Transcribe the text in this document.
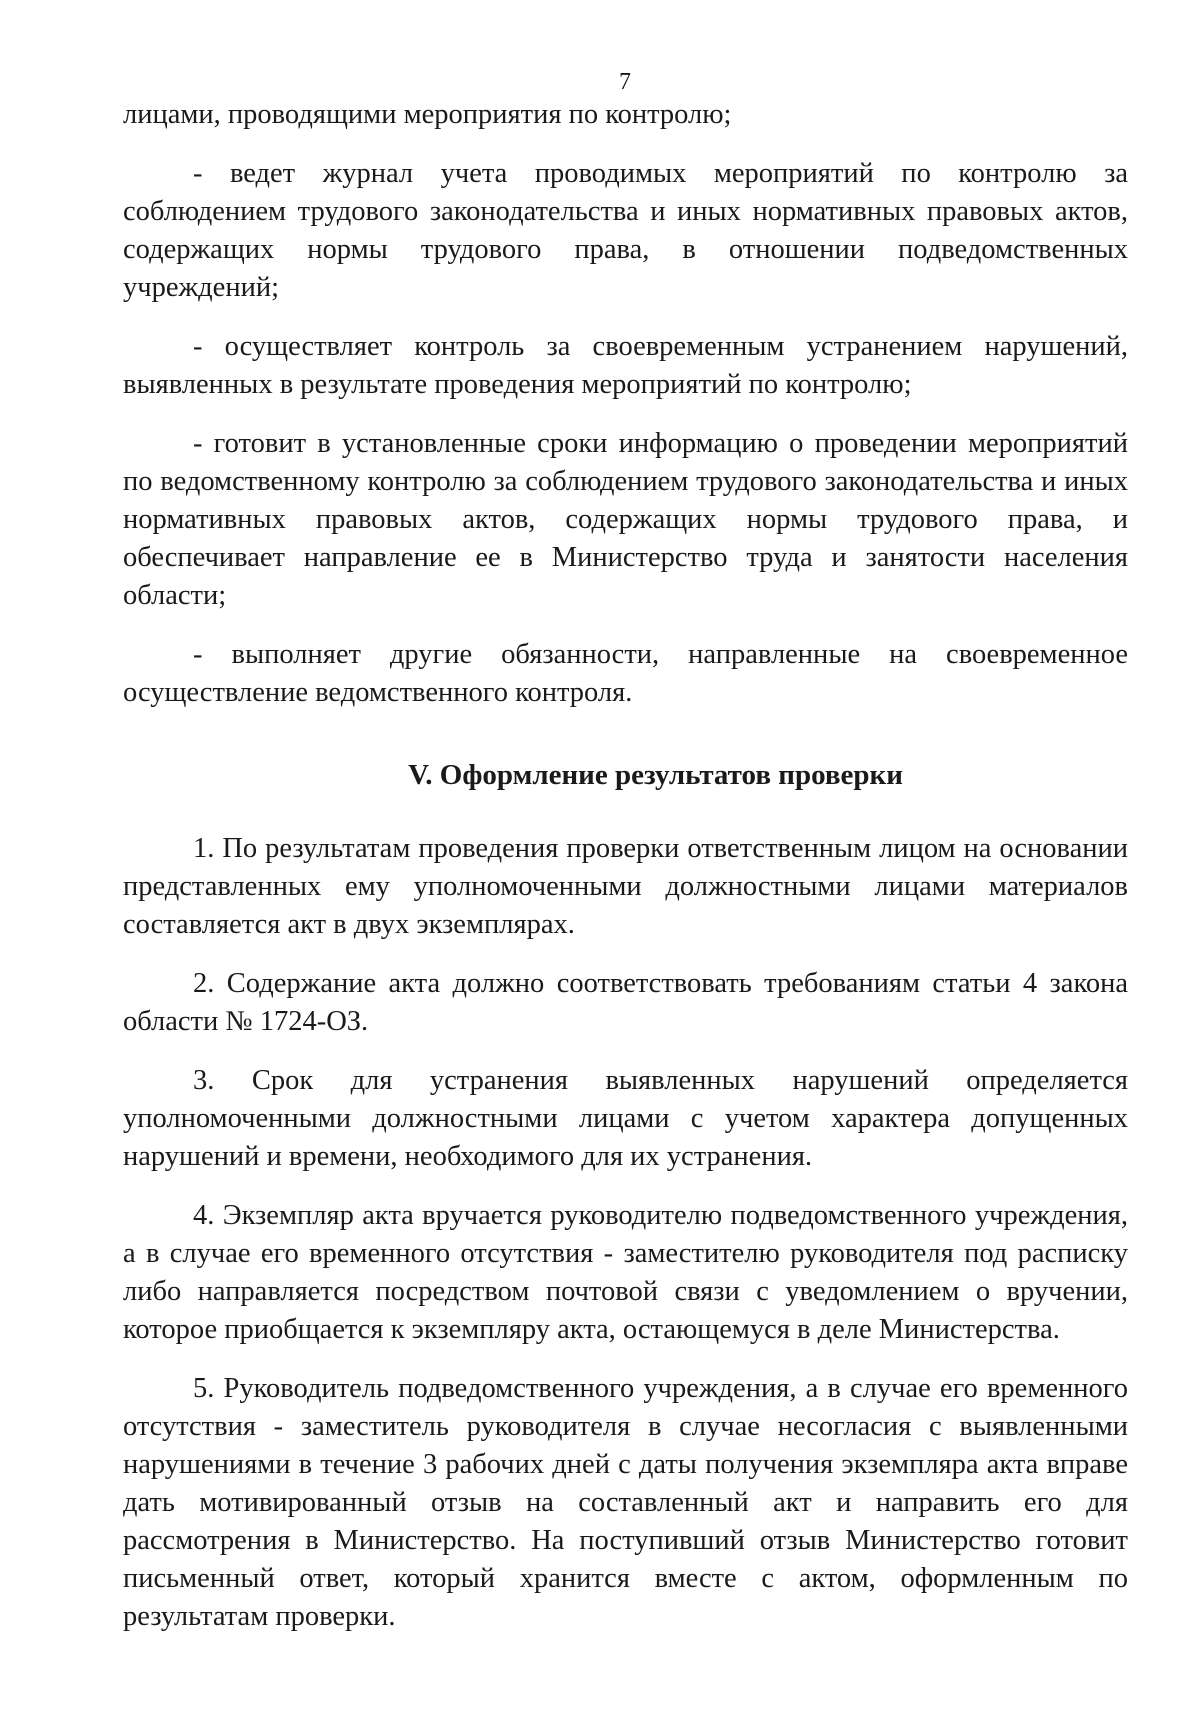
7

лицами, проводящими мероприятия по контролю;

- ведет журнал учета проводимых мероприятий по контролю за соблюдением трудового законодательства и иных нормативных правовых актов, содержащих нормы трудового права, в отношении подведомственных учреждений;

- осуществляет контроль за своевременным устранением нарушений, выявленных в результате проведения мероприятий по контролю;

- готовит в установленные сроки информацию о проведении мероприятий по ведомственному контролю за соблюдением трудового законодательства и иных нормативных правовых актов, содержащих нормы трудового права, и обеспечивает направление ее в Министерство труда и занятости населения области;

- выполняет другие обязанности, направленные на своевременное осуществление ведомственного контроля.

V. Оформление результатов проверки

1. По результатам проведения проверки ответственным лицом на основании представленных ему уполномоченными должностными лицами материалов составляется акт в двух экземплярах.

2. Содержание акта должно соответствовать требованиям статьи 4 закона области № 1724-ОЗ.

3. Срок для устранения выявленных нарушений определяется уполномоченными должностными лицами с учетом характера допущенных нарушений и времени, необходимого для их устранения.

4. Экземпляр акта вручается руководителю подведомственного учреждения, а в случае его временного отсутствия - заместителю руководителя под расписку либо направляется посредством почтовой связи с уведомлением о вручении, которое приобщается к экземпляру акта, остающемуся в деле Министерства.

5. Руководитель подведомственного учреждения, а в случае его временного отсутствия - заместитель руководителя в случае несогласия с выявленными нарушениями в течение 3 рабочих дней с даты получения экземпляра акта вправе дать мотивированный отзыв на составленный акт и направить его для рассмотрения в Министерство. На поступивший отзыв Министерство готовит письменный ответ, который хранится вместе с актом, оформленным по результатам проверки.
